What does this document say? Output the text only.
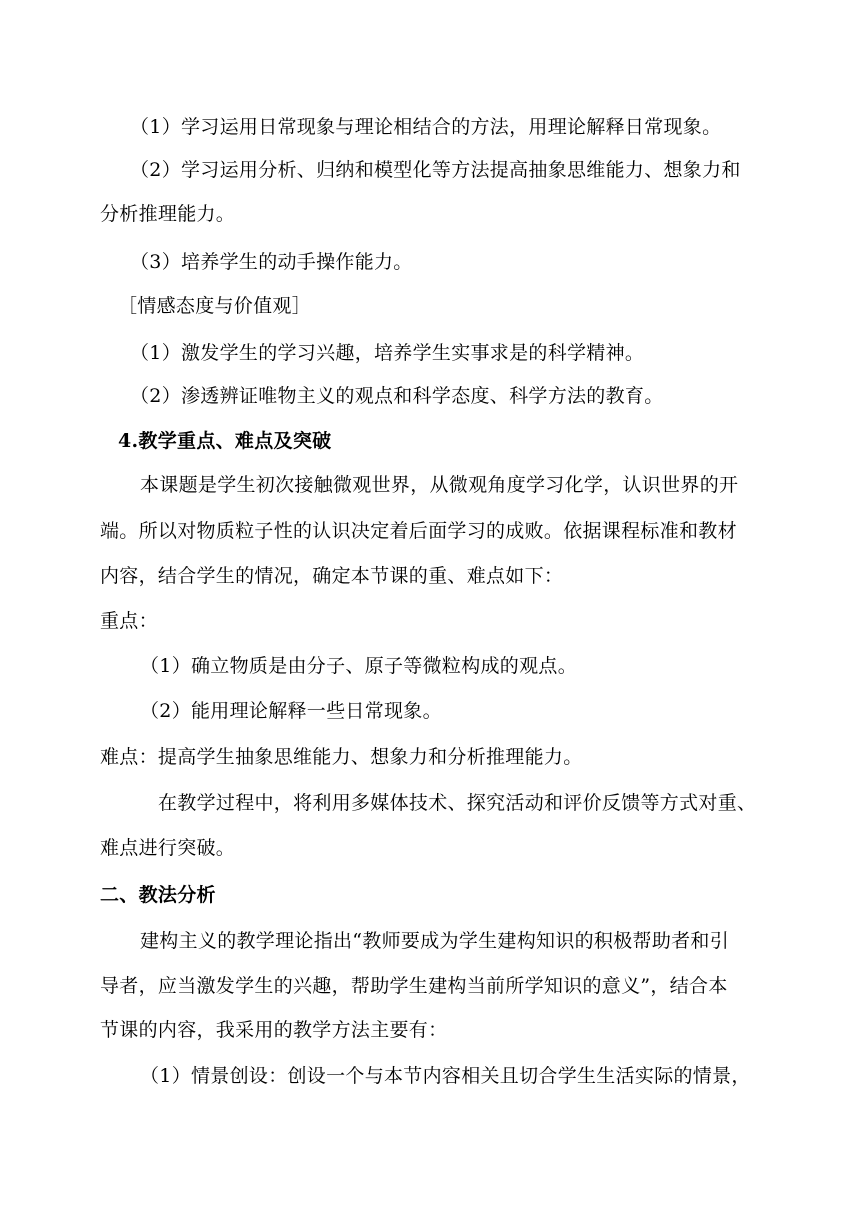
（1）学习运用日常现象与理论相结合的方法，用理论解释日常现象。
（2）学习运用分析、归纳和模型化等方法提高抽象思维能力、想象力和
分析推理能力。
（3）培养学生的动手操作能力。
［情感态度与价值观］
（1）激发学生的学习兴趣，培养学生实事求是的科学精神。
（2）渗透辨证唯物主义的观点和科学态度、科学方法的教育。
4.教学重点、难点及突破
本课题是学生初次接触微观世界，从微观角度学习化学，认识世界的开
端。所以对物质粒子性的认识决定着后面学习的成败。依据课程标准和教材
内容，结合学生的情况，确定本节课的重、难点如下：
重点：
（1）确立物质是由分子、原子等微粒构成的观点。
（2）能用理论解释一些日常现象。
难点：提高学生抽象思维能力、想象力和分析推理能力。
在教学过程中，将利用多媒体技术、探究活动和评价反馈等方式对重、
难点进行突破。
二、教法分析
建构主义的教学理论指出“教师要成为学生建构知识的积极帮助者和引
导者，应当激发学生的兴趣，帮助学生建构当前所学知识的意义”，结合本
节课的内容，我采用的教学方法主要有：
（1）情景创设：创设一个与本节内容相关且切合学生生活实际的情景，
